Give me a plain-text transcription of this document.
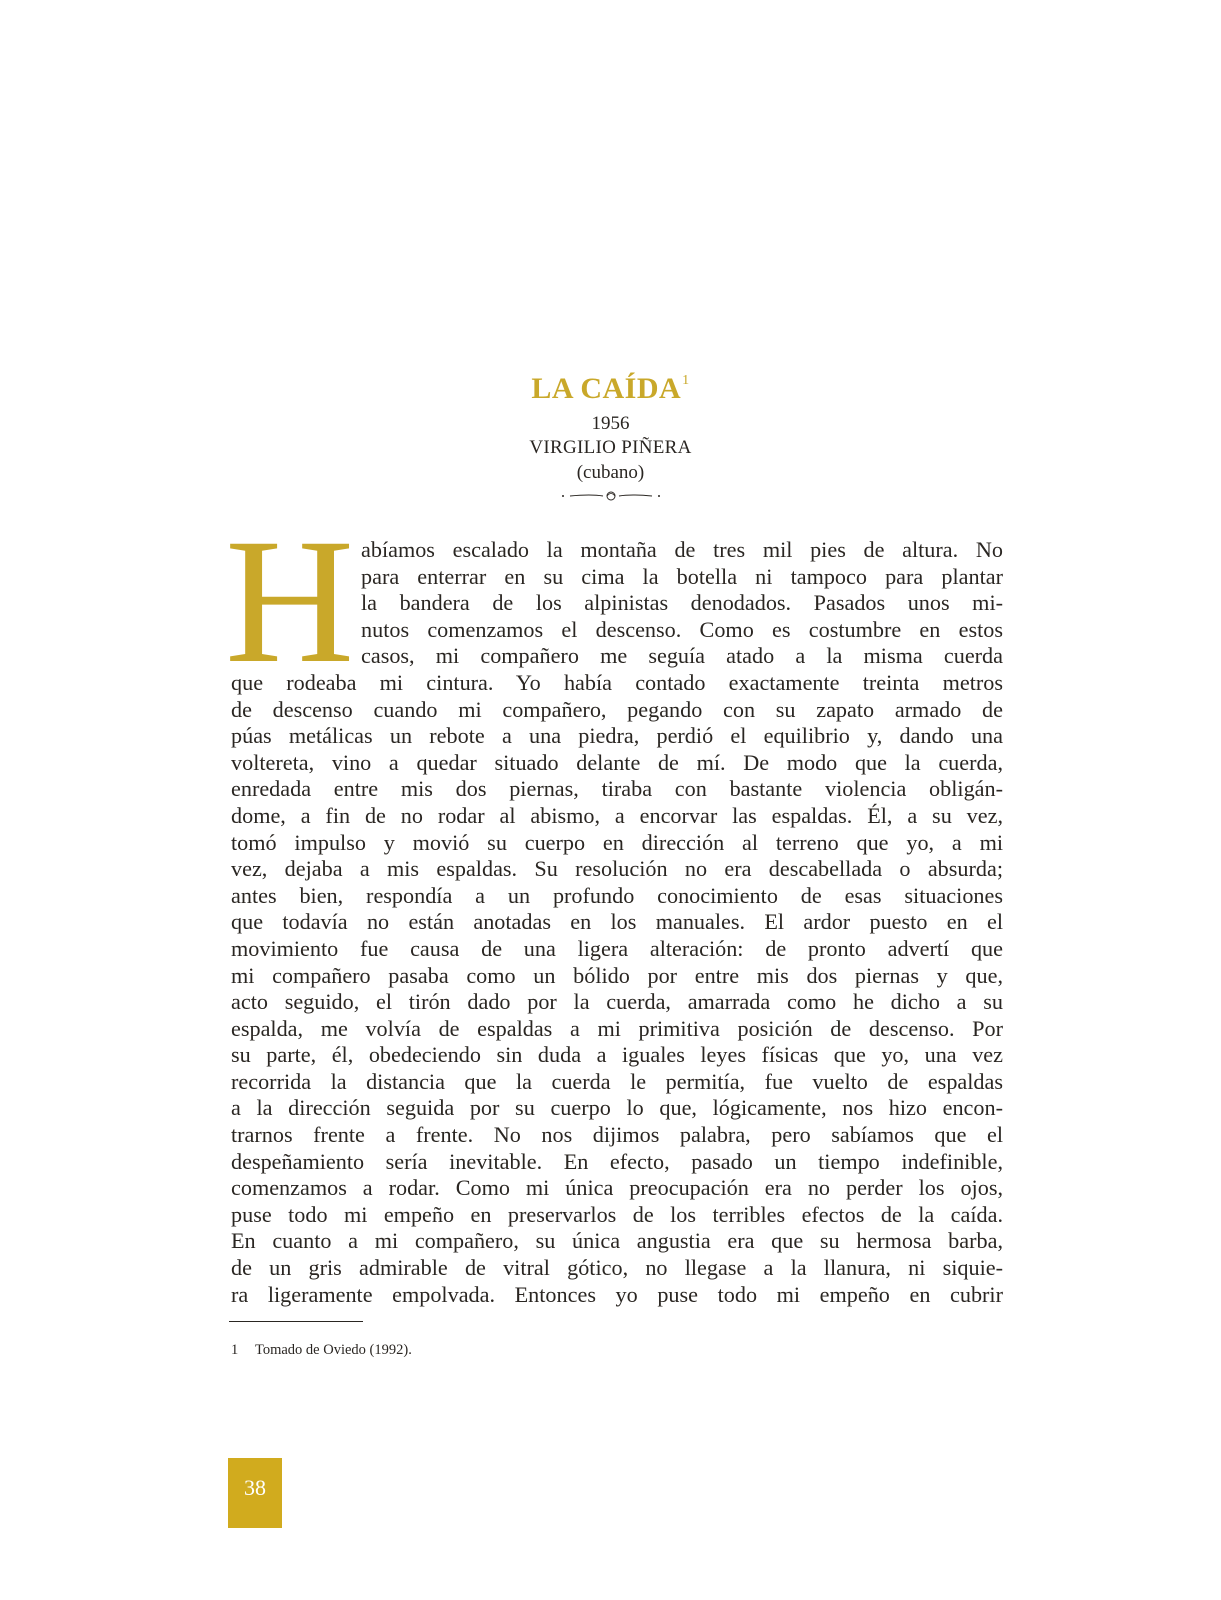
LA CAÍDA$^1$
1956
VIRGILIO PIÑERA
(cubano)
H abíamos escalado la montaña de tres mil pies de altura. No
para enterrar en su cima la botella ni tampoco para plantar
la bandera de los alpinistas denodados. Pasados unos mi-
nutos comenzamos el descenso. Como es costumbre en estos
casos, mi compañero me seguía atado a la misma cuerda
que rodeaba mi cintura. Yo había contado exactamente treinta metros
de descenso cuando mi compañero, pegando con su zapato armado de
púas metálicas un rebote a una piedra, perdió el equilibrio y, dando una
voltereta, vino a quedar situado delante de mí. De modo que la cuerda,
enredada entre mis dos piernas, tiraba con bastante violencia obligán-
dome, a fin de no rodar al abismo, a encorvar las espaldas. Él, a su vez,
tomó impulso y movió su cuerpo en dirección al terreno que yo, a mi
vez, dejaba a mis espaldas. Su resolución no era descabellada o absurda;
antes bien, respondía a un profundo conocimiento de esas situaciones
que todavía no están anotadas en los manuales. El ardor puesto en el
movimiento fue causa de una ligera alteración: de pronto advertí que
mi compañero pasaba como un bólido por entre mis dos piernas y que,
acto seguido, el tirón dado por la cuerda, amarrada como he dicho a su
espalda, me volvía de espaldas a mi primitiva posición de descenso. Por
su parte, él, obedeciendo sin duda a iguales leyes físicas que yo, una vez
recorrida la distancia que la cuerda le permitía, fue vuelto de espaldas
a la dirección seguida por su cuerpo lo que, lógicamente, nos hizo encon-
trarnos frente a frente. No nos dijimos palabra, pero sabíamos que el
despeñamiento sería inevitable. En efecto, pasado un tiempo indefinible,
comenzamos a rodar. Como mi única preocupación era no perder los ojos,
puse todo mi empeño en preservarlos de los terribles efectos de la caída.
En cuanto a mi compañero, su única angustia era que su hermosa barba,
de un gris admirable de vitral gótico, no llegase a la llanura, ni siquie-
ra ligeramente empolvada. Entonces yo puse todo mi empeño en cubrir
1 Tomado de Oviedo (1992).
38
